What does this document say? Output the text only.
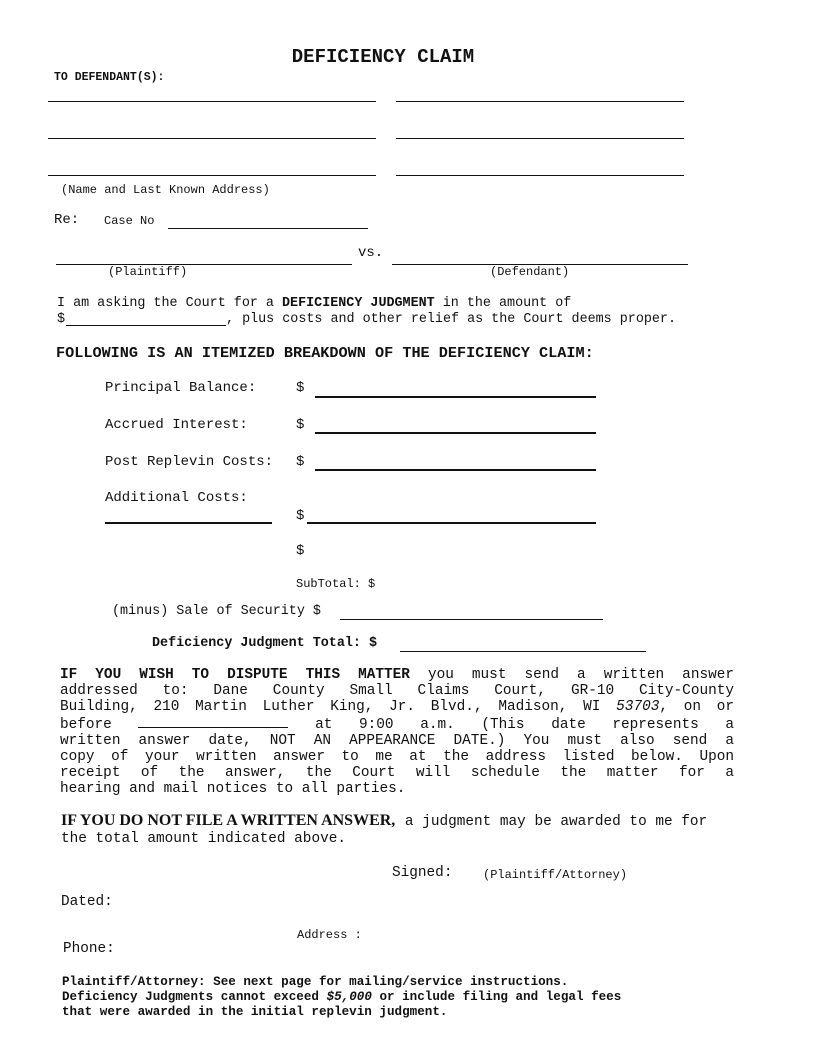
DEFICIENCY CLAIM
TO DEFENDANT(S):
(Name and Last Known Address)
Re: Case No
vs.
(Plaintiff)	(Defendant)
I am asking the Court for a DEFICIENCY JUDGMENT in the amount of
$	, plus costs and other relief as the Court deems proper.
FOLLOWING IS AN ITEMIZED BREAKDOWN OF THE DEFICIENCY CLAIM:
Principal Balance:	$
Accrued Interest:	$
Post Replevin Costs: $
Additional Costs:
$
$
SubTotal: $
(minus) Sale of Security $
Deficiency Judgment Total: $
IF YOU WISH TO DISPUTE THIS MATTER you must send a written answer
addressed to: Dane County Small Claims Court, GR-10 City-County
Building, 210 Martin Luther King, Jr. Blvd., Madison, WI 53703, on or
before	at 9:00 a.m. (This date represents a
written answer date, NOT AN APPEARANCE DATE.) You must also send a
copy of your written answer to me at the address listed below. Upon
receipt of the answer, the Court will schedule the matter for a
hearing and mail notices to all parties.
IF YOU DO NOT FILE A WRITTEN ANSWER, a judgment may be awarded to me for
the total amount indicated above.
Signed:	(Plaintiff/Attorney)
Dated:
Address :
Phone:
Plaintiff/Attorney: See next page for mailing/service instructions.
Deficiency Judgments cannot exceed $5,000 or include filing and legal fees
that were awarded in the initial replevin judgment.
